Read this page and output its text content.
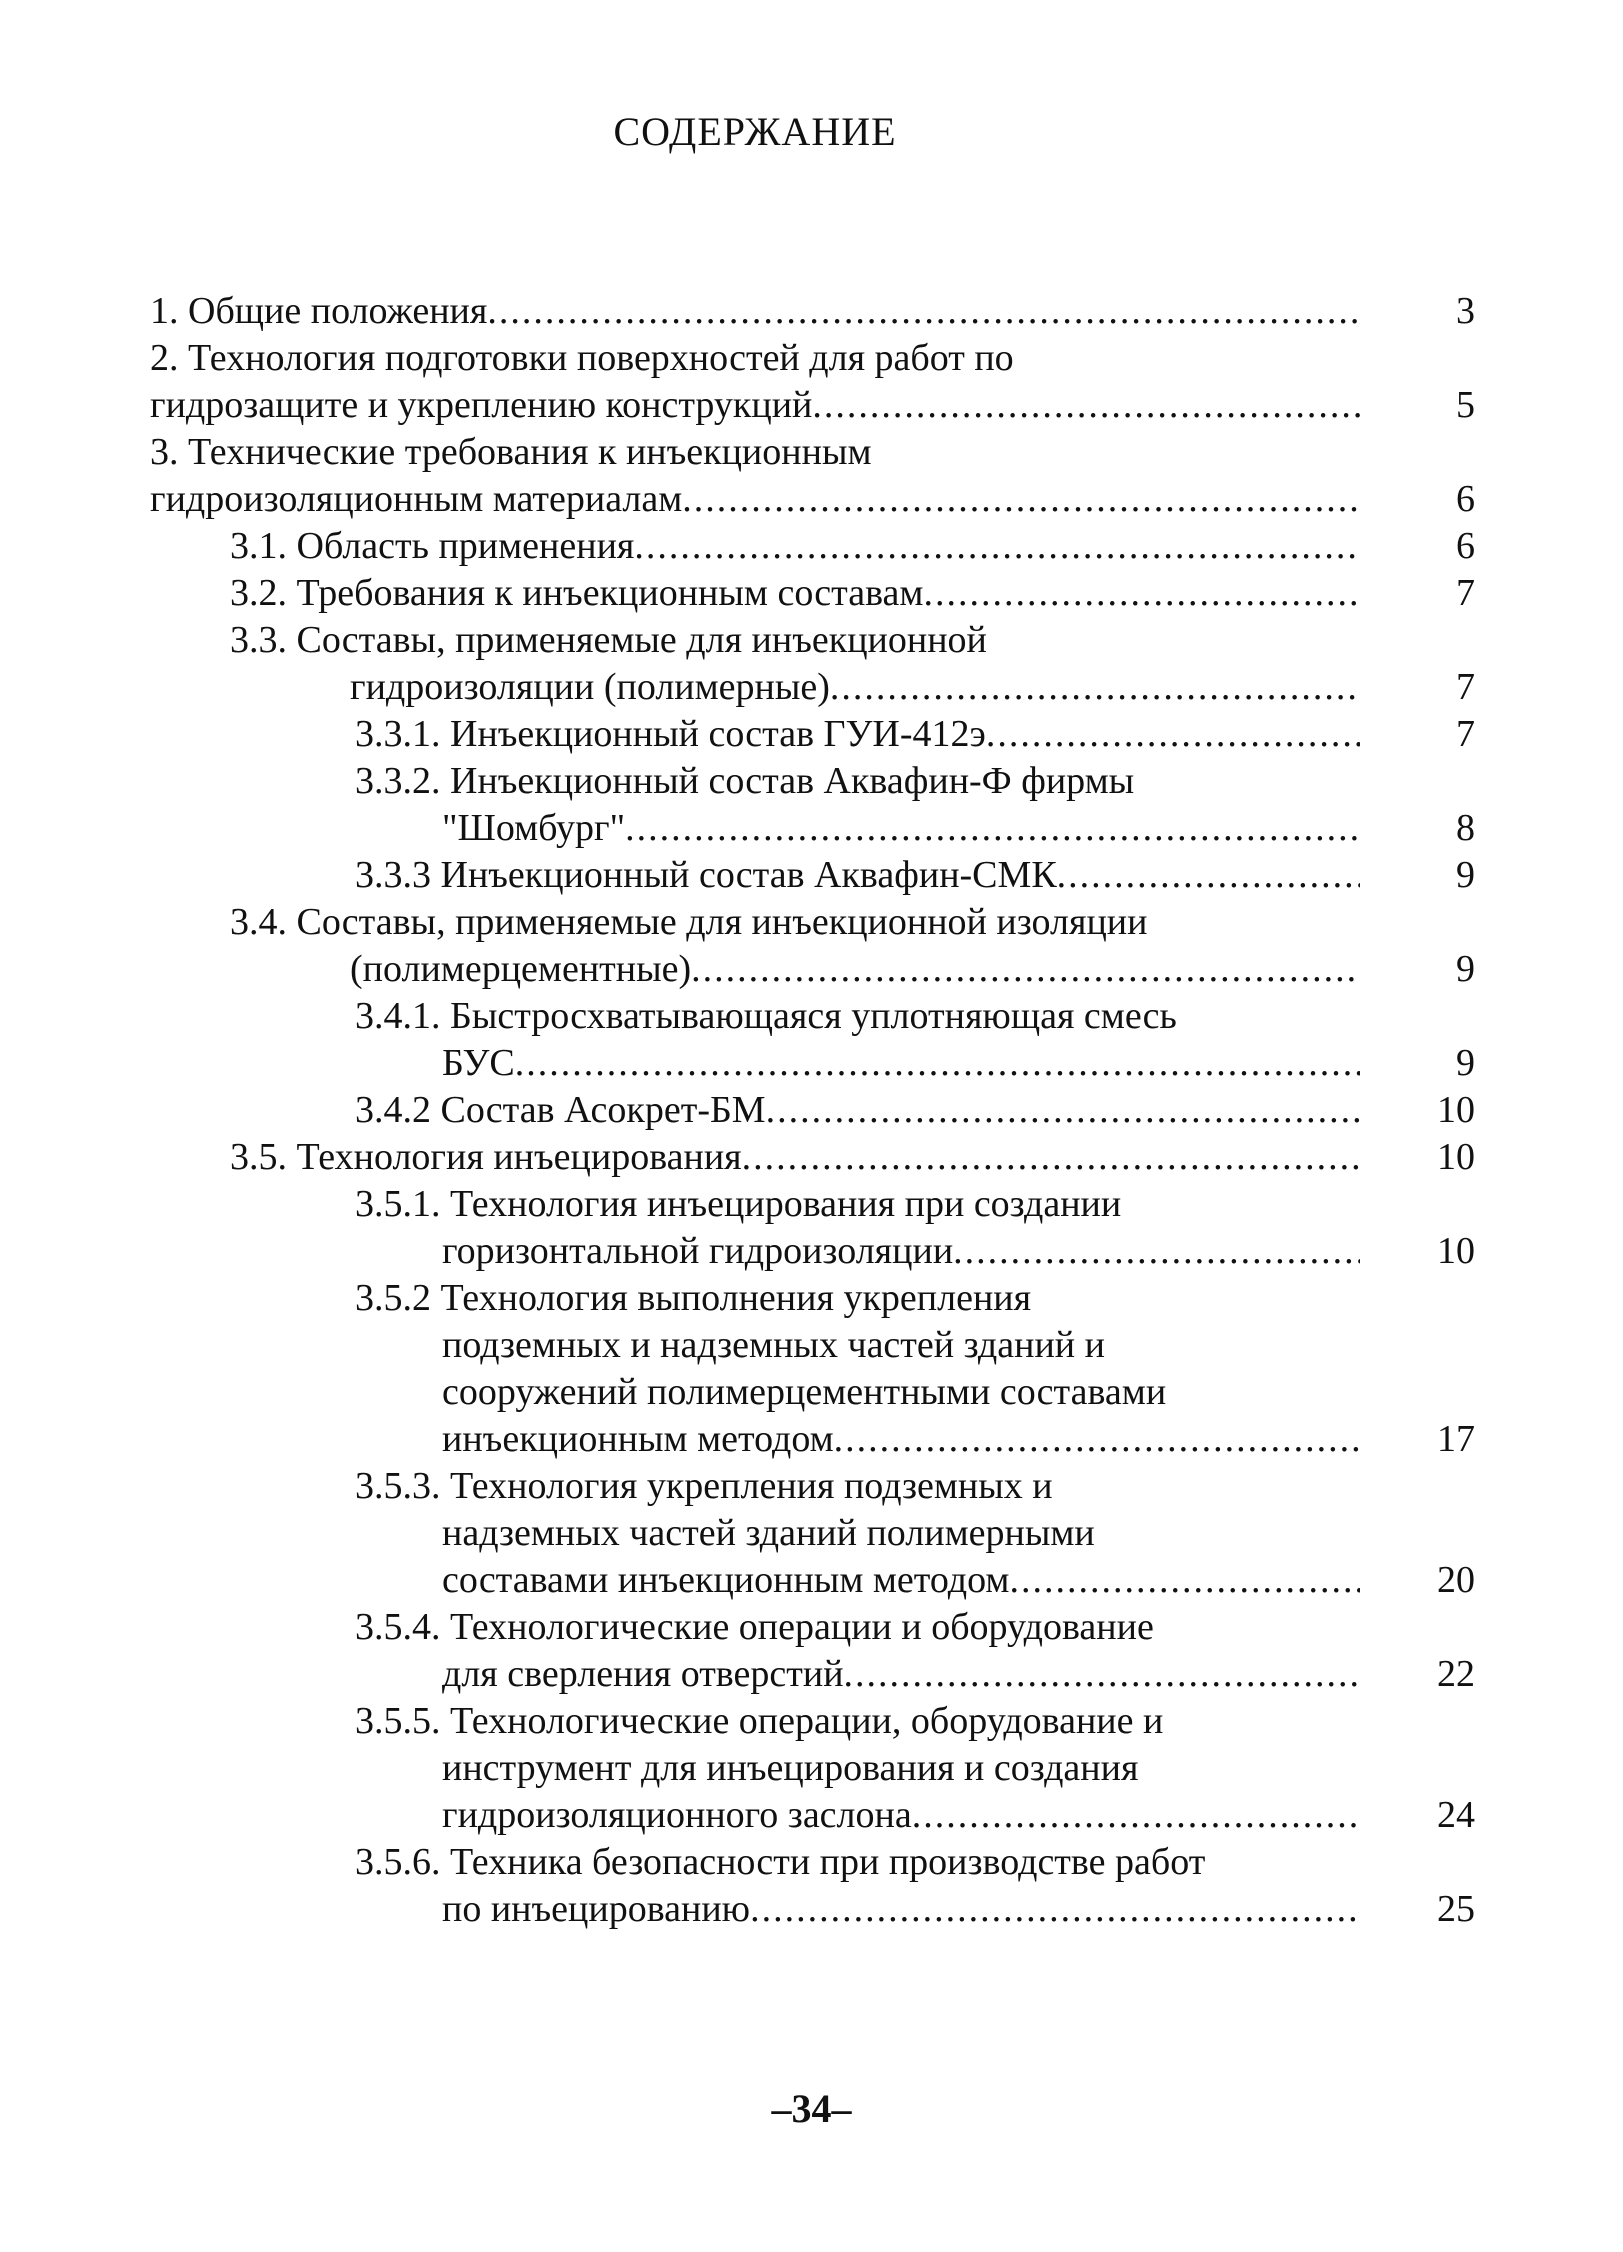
СОДЕРЖАНИЕ
1. Общие положения .....	3
2. Технология подготовки поверхностей для работ по
гидрозащите и укреплению конструкций .....	5
3. Технические требования к инъекционным
гидроизоляционным материалам .....	6
3.1. Область применения .....	6
3.2. Требования к инъекционным составам .....	7
3.3. Составы, применяемые для инъекционной
гидроизоляции (полимерные) .....	7
3.3.1. Инъекционный состав ГУИ-412э .....	7
3.3.2. Инъекционный состав Аквафин-Ф фирмы
"Шомбург" .....	8
3.3.3 Инъекционный состав Аквафин-СМК .....	9
3.4. Составы, применяемые для инъекционной изоляции
(полимерцементные) .....	9
3.4.1. Быстросхватывающаяся уплотняющая смесь
БУС .....	9
3.4.2 Состав Асокрет-БМ .....	10
3.5. Технология инъецирования .....	10
3.5.1. Технология инъецирования при создании
горизонтальной гидроизоляции .....	10
3.5.2 Технология выполнения укрепления
подземных и надземных частей зданий и
сооружений полимерцементными составами
инъекционным методом .....	17
3.5.3. Технология укрепления подземных и
надземных частей зданий полимерными
составами инъекционным методом .....	20
3.5.4. Технологические операции и оборудование
для сверления отверстий .....	22
3.5.5. Технологические операции, оборудование и
инструмент для инъецирования и создания
гидроизоляционного заслона .....	24
3.5.6. Техника безопасности при производстве работ
по инъецированию .....	25
–34–
